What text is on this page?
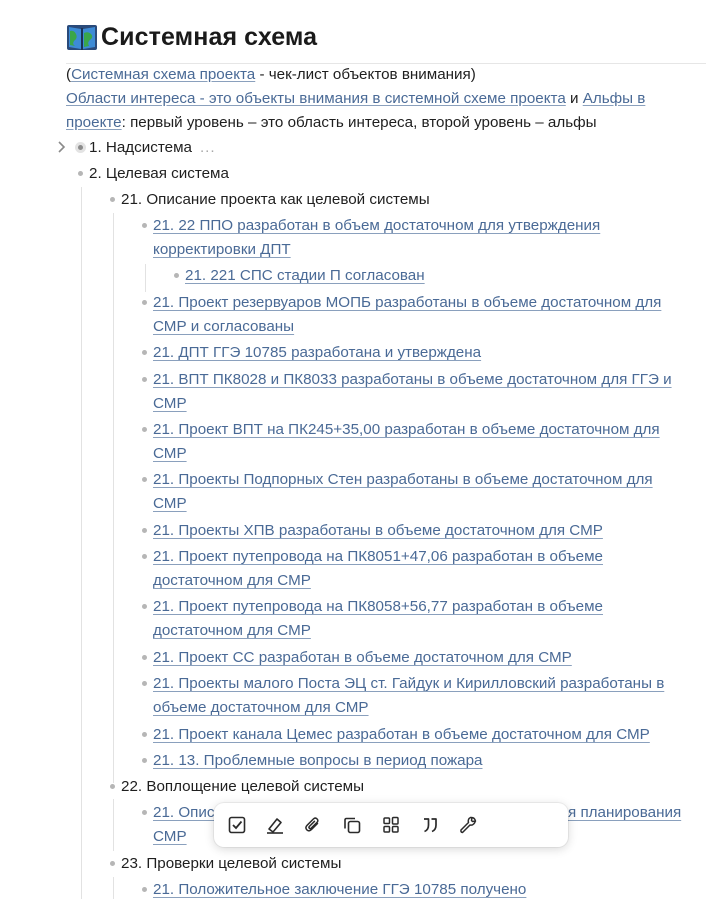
Системная схема
(Системная схема проекта - чек-лист объектов внимания)
Области интереса - это объекты внимания в системной схеме проекта и Альфы в
проекте: первый уровень – это область интереса, второй уровень – альфы
1. Надсистема ...
2. Целевая система
21. Описание проекта как целевой системы
21. 22 ППО разработан в объем достаточном для утверждения
корректировки ДПТ
21. 221 СПС стадии П согласован
21. Проект резервуаров МОПБ разработаны в объеме достаточном для
СМР и согласованы
21. ДПТ ГГЭ 10785 разработана и утверждена
21. ВПТ ПК8028 и ПК8033 разработаны в объеме достаточном для ГГЭ и
СМР
21. Проект ВПТ на ПК245+35,00 разработан в объеме достаточном для
СМР
21. Проекты Подпорных Стен разработаны в объеме достаточном для
СМР
21. Проекты ХПВ разработаны в объеме достаточном для СМР
21. Проект путепровода на ПК8051+47,06 разработан в объеме
достаточном для СМР
21. Проект путепровода на ПК8058+56,77 разработан в объеме
достаточном для СМР
21. Проект СС разработан в объеме достаточном для СМР
21. Проекты малого Поста ЭЦ ст. Гайдук и Кирилловский разработаны в
объеме достаточном для СМР
21. Проект канала Цемес разработан в объеме достаточном для СМР
21. 13. Проблемные вопросы в период пожара
22. Воплощение целевой системы
21. Опис	я планирования
СМР
23. Проверки целевой системы
21. Положительное заключение ГГЭ 10785 получено
